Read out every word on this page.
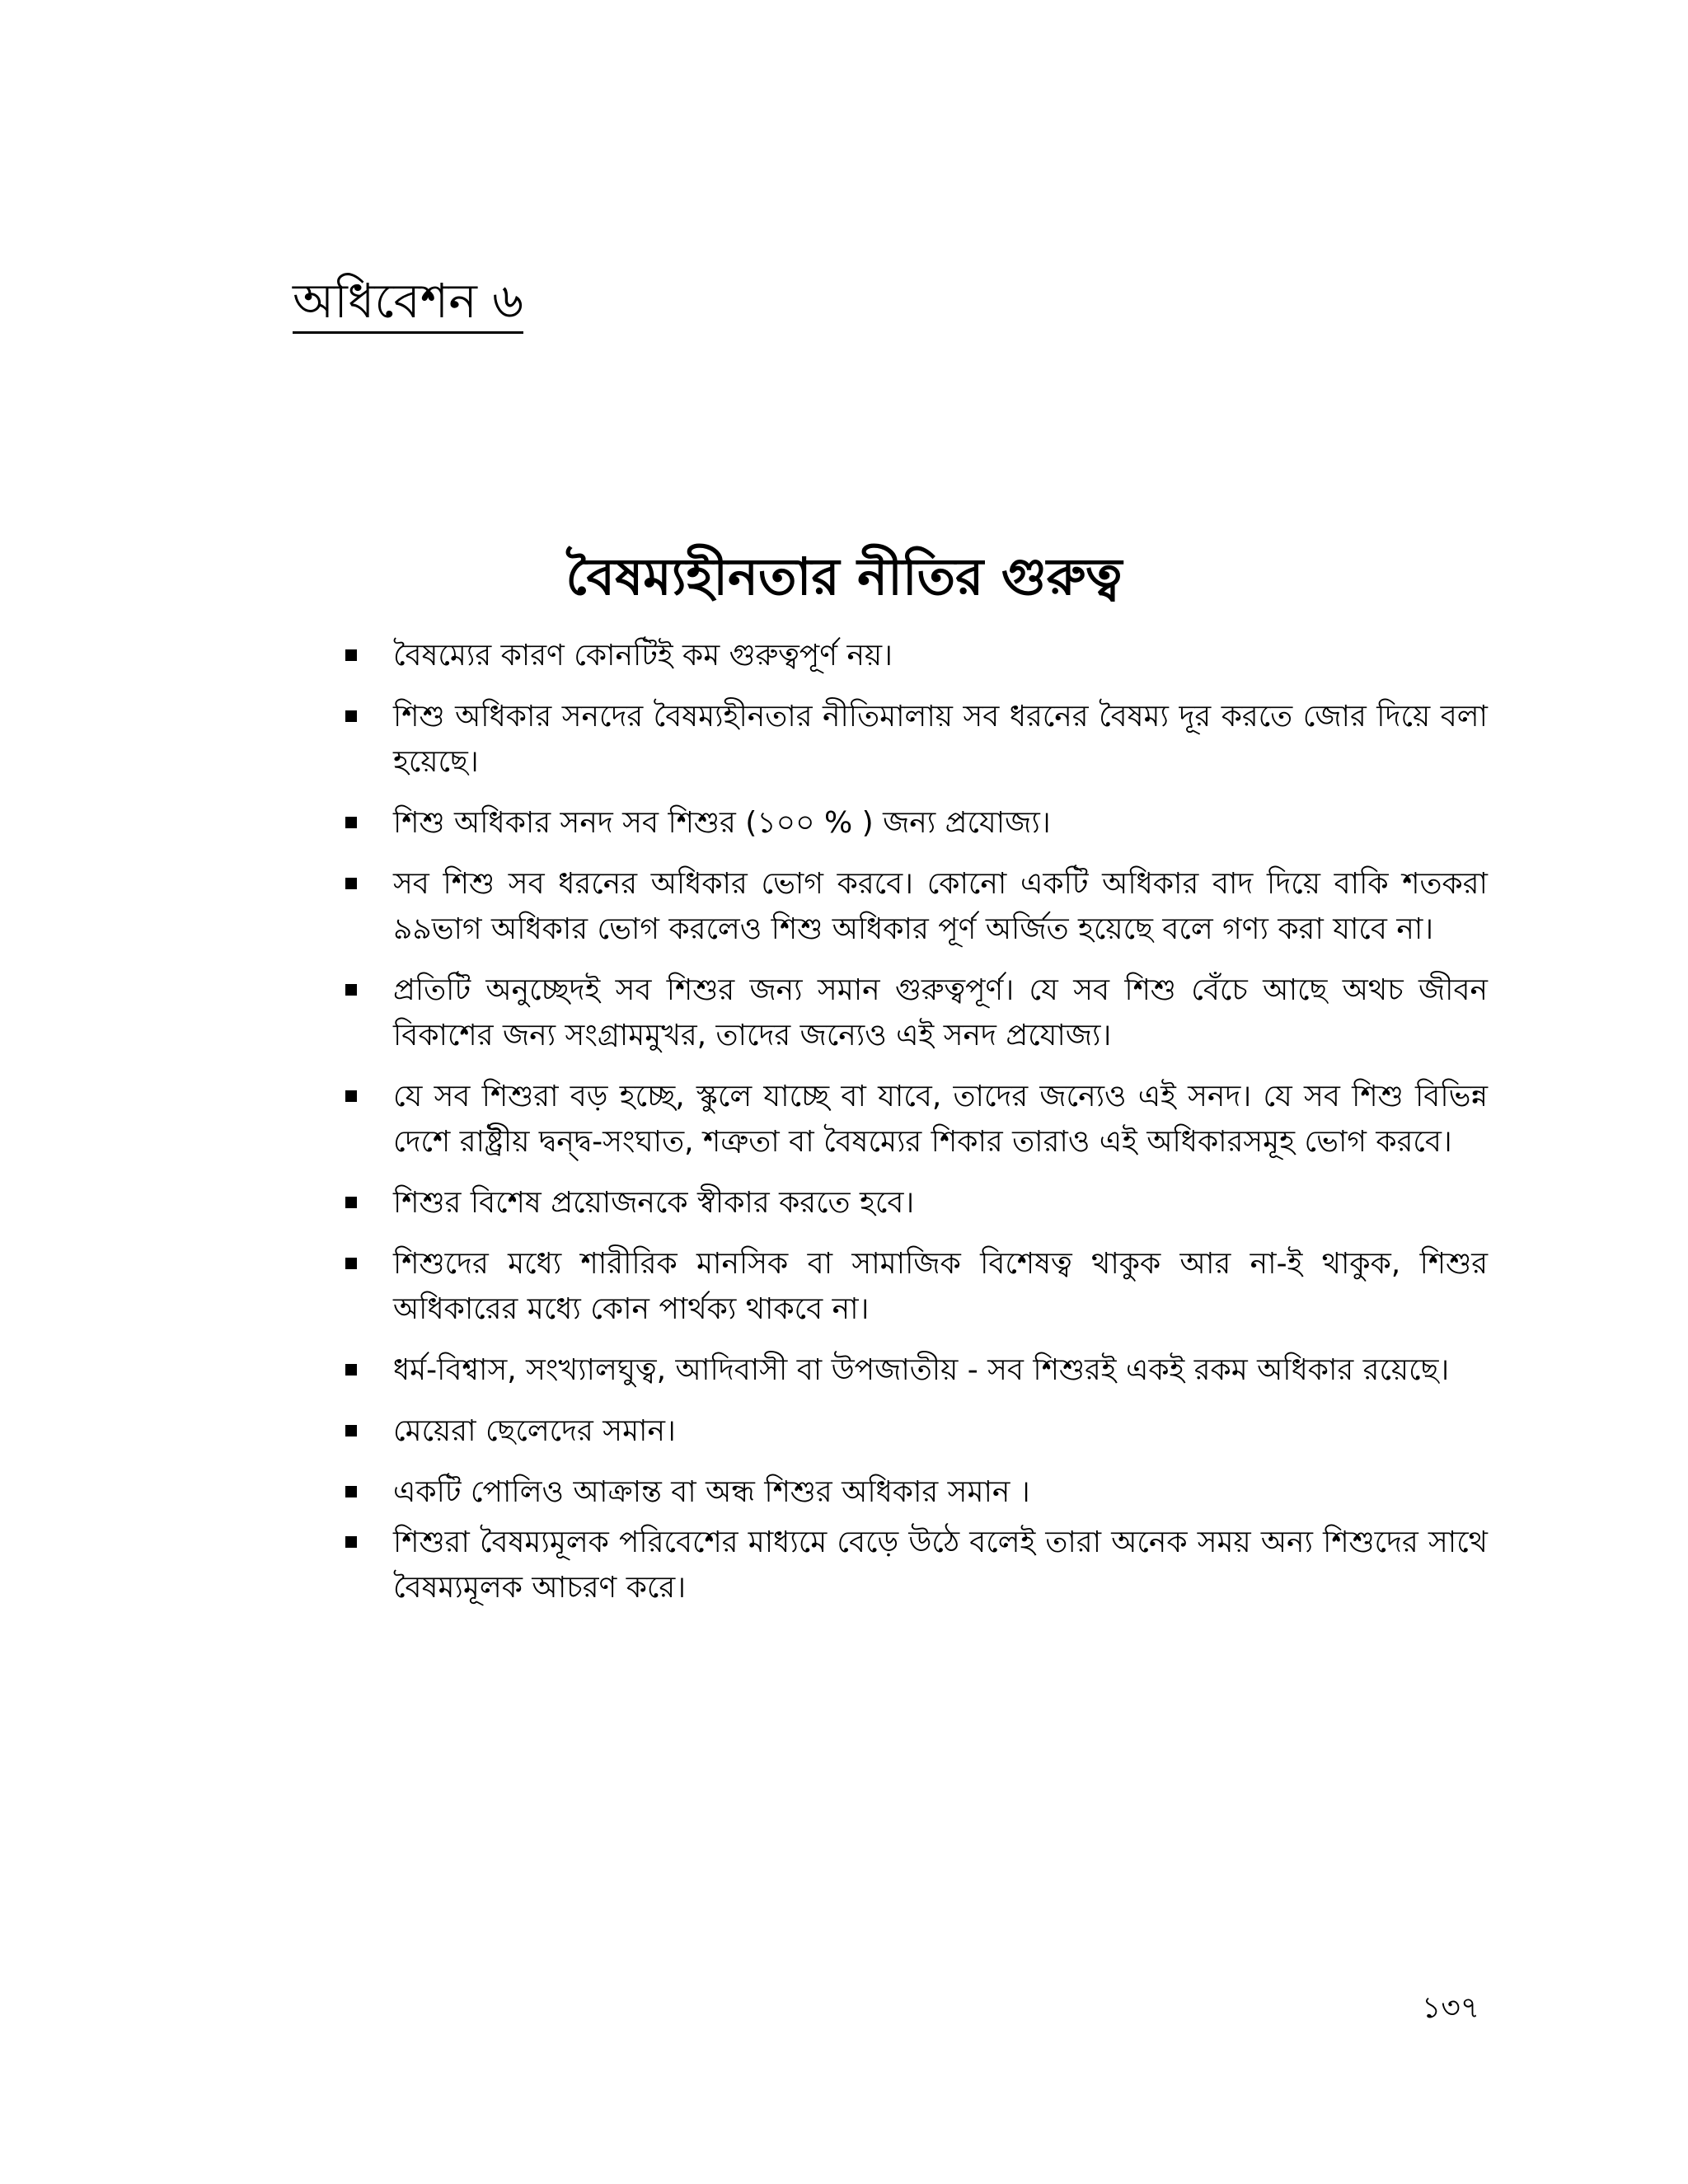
অধিবেশন ৬
বৈষম্যহীনতার নীতির গুরুত্ব
বৈষম্যের কারণ কোনটিই কম গুরুত্বপূর্ণ নয়।
শিশু অধিকার সনদের বৈষম্যহীনতার নীতিমালায় সব ধরনের বৈষম্য দূর করতে জোর দিয়ে বলা হয়েছে।
শিশু অধিকার সনদ সব শিশুর (১০০ % ) জন্য প্রযোজ্য।
সব শিশু সব ধরনের অধিকার ভোগ করবে। কোনো একটি অধিকার বাদ দিয়ে বাকি শতকরা ৯৯ভাগ অধিকার ভোগ করলেও শিশু অধিকার পূর্ণ অর্জিত হয়েছে বলে গণ্য করা যাবে না।
প্রতিটি অনুচ্ছেদই সব শিশুর জন্য সমান গুরুত্বপূর্ণ। যে সব শিশু বেঁচে আছে অথচ জীবন বিকাশের জন্য সংগ্রামমুখর, তাদের জন্যেও এই সনদ প্রযোজ্য।
যে সব শিশুরা বড় হচ্ছে, স্কুলে যাচ্ছে বা যাবে, তাদের জন্যেও এই সনদ। যে সব শিশু বিভিন্ন দেশে রাষ্ট্রীয় দ্বন্দ্ব-সংঘাত, শত্রুতা বা বৈষম্যের শিকার তারাও এই অধিকারসমূহ ভোগ করবে।
শিশুর বিশেষ প্রয়োজনকে স্বীকার করতে হবে।
শিশুদের মধ্যে শারীরিক মানসিক বা সামাজিক বিশেষত্ব থাকুক আর না-ই থাকুক, শিশুর অধিকারের মধ্যে কোন পার্থক্য থাকবে না।
ধর্ম-বিশ্বাস, সংখ্যালঘুত্ব, আদিবাসী বা উপজাতীয় - সব শিশুরই একই রকম অধিকার রয়েছে।
মেয়েরা ছেলেদের সমান।
একটি পোলিও আক্রান্ত বা অন্ধ শিশুর অধিকার সমান ।
শিশুরা বৈষম্যমূলক পরিবেশের মাধ্যমে বেড়ে উঠে বলেই তারা অনেক সময় অন্য শিশুদের সাথে বৈষম্যমূলক আচরণ করে।
১৩৭
